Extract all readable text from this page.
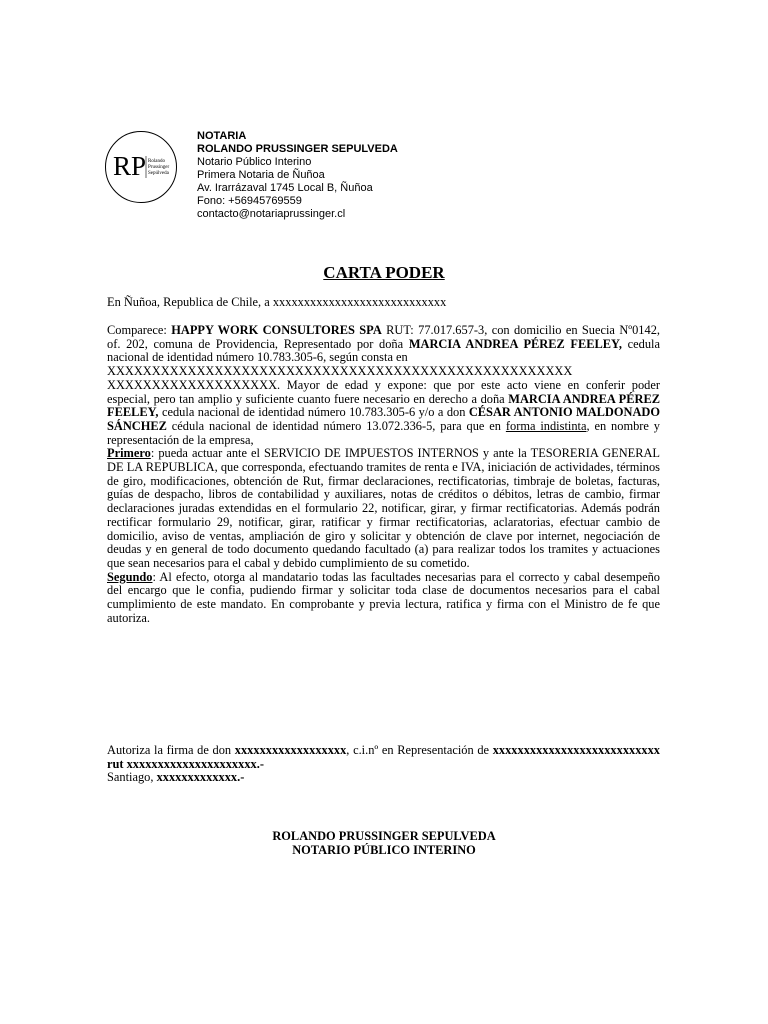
RP Rolando
Prussinger
Sepúlveda
NOTARIA
ROLANDO PRUSSINGER SEPULVEDA
Notario Público Interino
Primera Notaria de Ñuñoa
Av. Irarrázaval 1745 Local B, Ñuñoa
Fono: +56945769559
contacto@notariaprussinger.cl
CARTA PODER
En Ñuñoa, Republica de Chile, a xxxxxxxxxxxxxxxxxxxxxxxxxxxx

Comparece: HAPPY WORK CONSULTORES SPA RUT: 77.017.657-3, con domicilio en Suecia Nº0142, of. 202, comuna de Providencia, Representado por doña MARCIA ANDREA PÉREZ FEELEY, cedula nacional de identidad número 10.783.305-6, según consta en
XXXXXXXXXXXXXXXXXXXXXXXXXXXXXXXXXXXXXXXXXXXXXXXXXXXX
XXXXXXXXXXXXXXXXXXX. Mayor de edad y expone: que por este acto viene en conferir poder especial, pero tan amplio y suficiente cuanto fuere necesario en derecho a doña MARCIA ANDREA PÉREZ FEELEY, cedula nacional de identidad número 10.783.305-6 y/o a don CÉSAR ANTONIO MALDONADO SÁNCHEZ cédula nacional de identidad número 13.072.336-5, para que en forma indistinta, en nombre y representación de la empresa,

Primero: pueda actuar ante el SERVICIO DE IMPUESTOS INTERNOS y ante la TESORERIA GENERAL DE LA REPUBLICA, que corresponda, efectuando tramites de renta e IVA, iniciación de actividades, términos de giro, modificaciones, obtención de Rut, firmar declaraciones, rectificatorias, timbraje de boletas, facturas, guías de despacho, libros de contabilidad y auxiliares, notas de créditos o débitos, letras de cambio, firmar declaraciones juradas extendidas en el formulario 22, notificar, girar, y firmar rectificatorias. Además podrán rectificar formulario 29, notificar, girar, ratificar y firmar rectificatorias, aclaratorias, efectuar cambio de domicilio, aviso de ventas, ampliación de giro y solicitar y obtención de clave por internet, negociación de deudas y en general de todo documento quedando facultado (a) para realizar todos los tramites y actuaciones que sean necesarios para el cabal y debido cumplimiento de su cometido.

Segundo: Al efecto, otorga al mandatario todas las facultades necesarias para el correcto y cabal desempeño del encargo que le confia, pudiendo firmar y solicitar toda clase de documentos necesarios para el cabal cumplimiento de este mandato. En comprobante y previa lectura, ratifica y firma con el Ministro de fe que autoriza.

Autoriza la firma de don xxxxxxxxxxxxxxxxxx, c.i.nº en Representación de xxxxxxxxxxxxxxxxxxxxxxxxxxx rut xxxxxxxxxxxxxxxxxxxxx.-

Santiago, xxxxxxxxxxxxx.-

ROLANDO PRUSSINGER SEPULVEDA
NOTARIO PÚBLICO INTERINO
